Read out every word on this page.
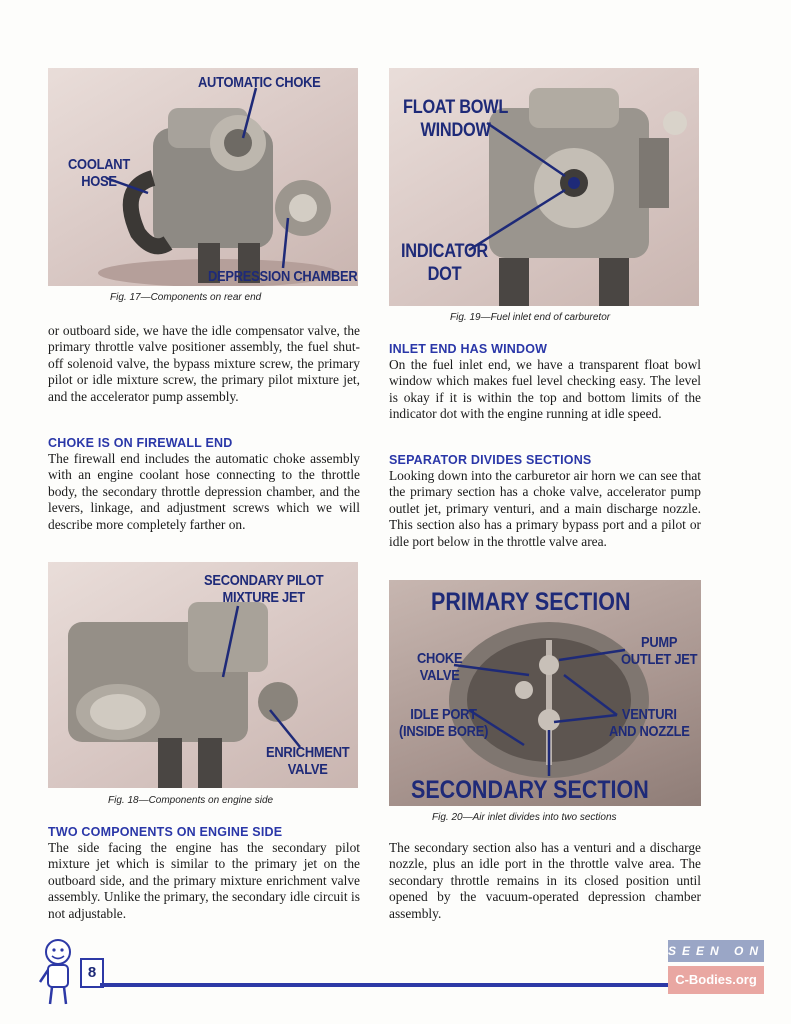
AUTOMATIC CHOKE
COOLANT
HOSE
DEPRESSION CHAMBER
Fig. 17—Components on rear end
FLOAT BOWL
WINDOW
INDICATOR
DOT
Fig. 19—Fuel inlet end of carburetor

or outboard side, we have the idle compensator valve, the primary throttle valve positioner assembly, the fuel shut-off solenoid valve, the bypass mixture screw, the primary pilot or idle mixture screw, the primary pilot mixture jet, and the accelerator pump assembly.

CHOKE IS ON FIREWALL END

The firewall end includes the automatic choke assembly with an engine coolant hose connecting to the throttle body, the secondary throttle depression chamber, and the levers, linkage, and adjustment screws which we will describe more completely farther on.

SECONDARY PILOT
MIXTURE JET
ENRICHMENT
VALVE
Fig. 18—Components on engine side
TWO COMPONENTS ON ENGINE SIDE

The side facing the engine has the secondary pilot mixture jet which is similar to the primary jet on the outboard side, and the primary mixture enrichment valve assembly. Unlike the primary, the secondary idle circuit is not adjustable.

INLET END HAS WINDOW

On the fuel inlet end, we have a transparent float bowl window which makes fuel level checking easy. The level is okay if it is within the top and bottom limits of the indicator dot with the engine running at idle speed.

SEPARATOR DIVIDES SECTIONS

Looking down into the carburetor air horn we can see that the primary section has a choke valve, accelerator pump outlet jet, primary venturi, and a main discharge nozzle. This section also has a primary bypass port and a pilot or idle port below in the throttle valve area.

PRIMARY SECTION
CHOKE
VALVE
PUMP
OUTLET JET
IDLE PORT
(INSIDE BORE)
VENTURI
AND NOZZLE
SECONDARY SECTION
Fig. 20—Air inlet divides into two sections

The secondary section also has a venturi and a discharge nozzle, plus an idle port in the throttle valve area. The secondary throttle remains in its closed position until opened by the vacuum-operated depression chamber assembly.

8
SEEN ON
C-Bodies.org
